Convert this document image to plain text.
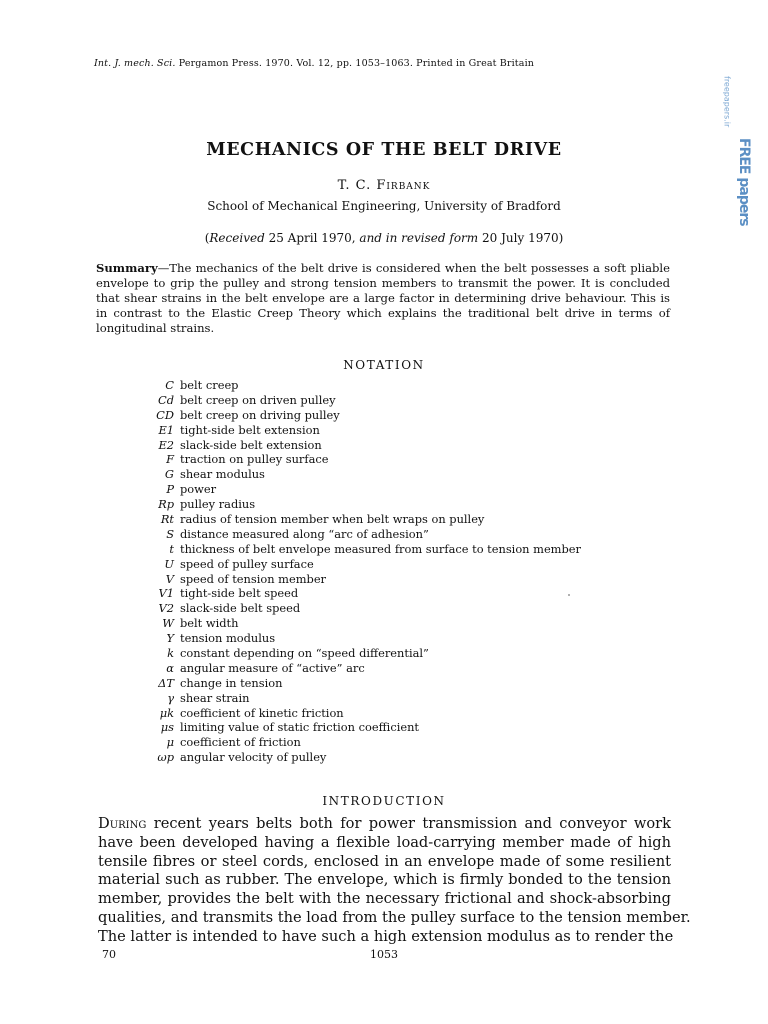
Int. J. mech. Sci. Pergamon Press. 1970. Vol. 12, pp. 1053–1063. Printed in Great Britain
freepapers.ir
FREE papers
MECHANICS OF THE BELT DRIVE
T. C. Firbank
School of Mechanical Engineering, University of Bradford
(Received 25 April 1970, and in revised form 20 July 1970)
Summary—The mechanics of the belt drive is considered when the belt possesses a soft pliable envelope to grip the pulley and strong tension members to transmit the power. It is concluded that shear strains in the belt envelope are a large factor in determining drive behaviour. This is in contrast to the Elastic Creep Theory which explains the traditional belt drive in terms of longitudinal strains.
NOTATION
C belt creep
Cd belt creep on driven pulley
CD belt creep on driving pulley
E1 tight-side belt extension
E2 slack-side belt extension
F traction on pulley surface
G shear modulus
P power
Rp pulley radius
Rt radius of tension member when belt wraps on pulley
S distance measured along “arc of adhesion”
t thickness of belt envelope measured from surface to tension member
U speed of pulley surface
V speed of tension member
V1 tight-side belt speed
V2 slack-side belt speed
W belt width
Y tension modulus
k constant depending on “speed differential”
α angular measure of “active” arc
ΔT change in tension
γ shear strain
μk coefficient of kinetic friction
μs limiting value of static friction coefficient
μ coefficient of friction
ωp angular velocity of pulley
INTRODUCTION
During recent years belts both for power transmission and conveyor work
have been developed having a flexible load-carrying member made of high
tensile fibres or steel cords, enclosed in an envelope made of some resilient
material such as rubber. The envelope, which is firmly bonded to the tension
member, provides the belt with the necessary frictional and shock-absorbing
qualities, and transmits the load from the pulley surface to the tension member.
The latter is intended to have such a high extension modulus as to render the
70	1053
